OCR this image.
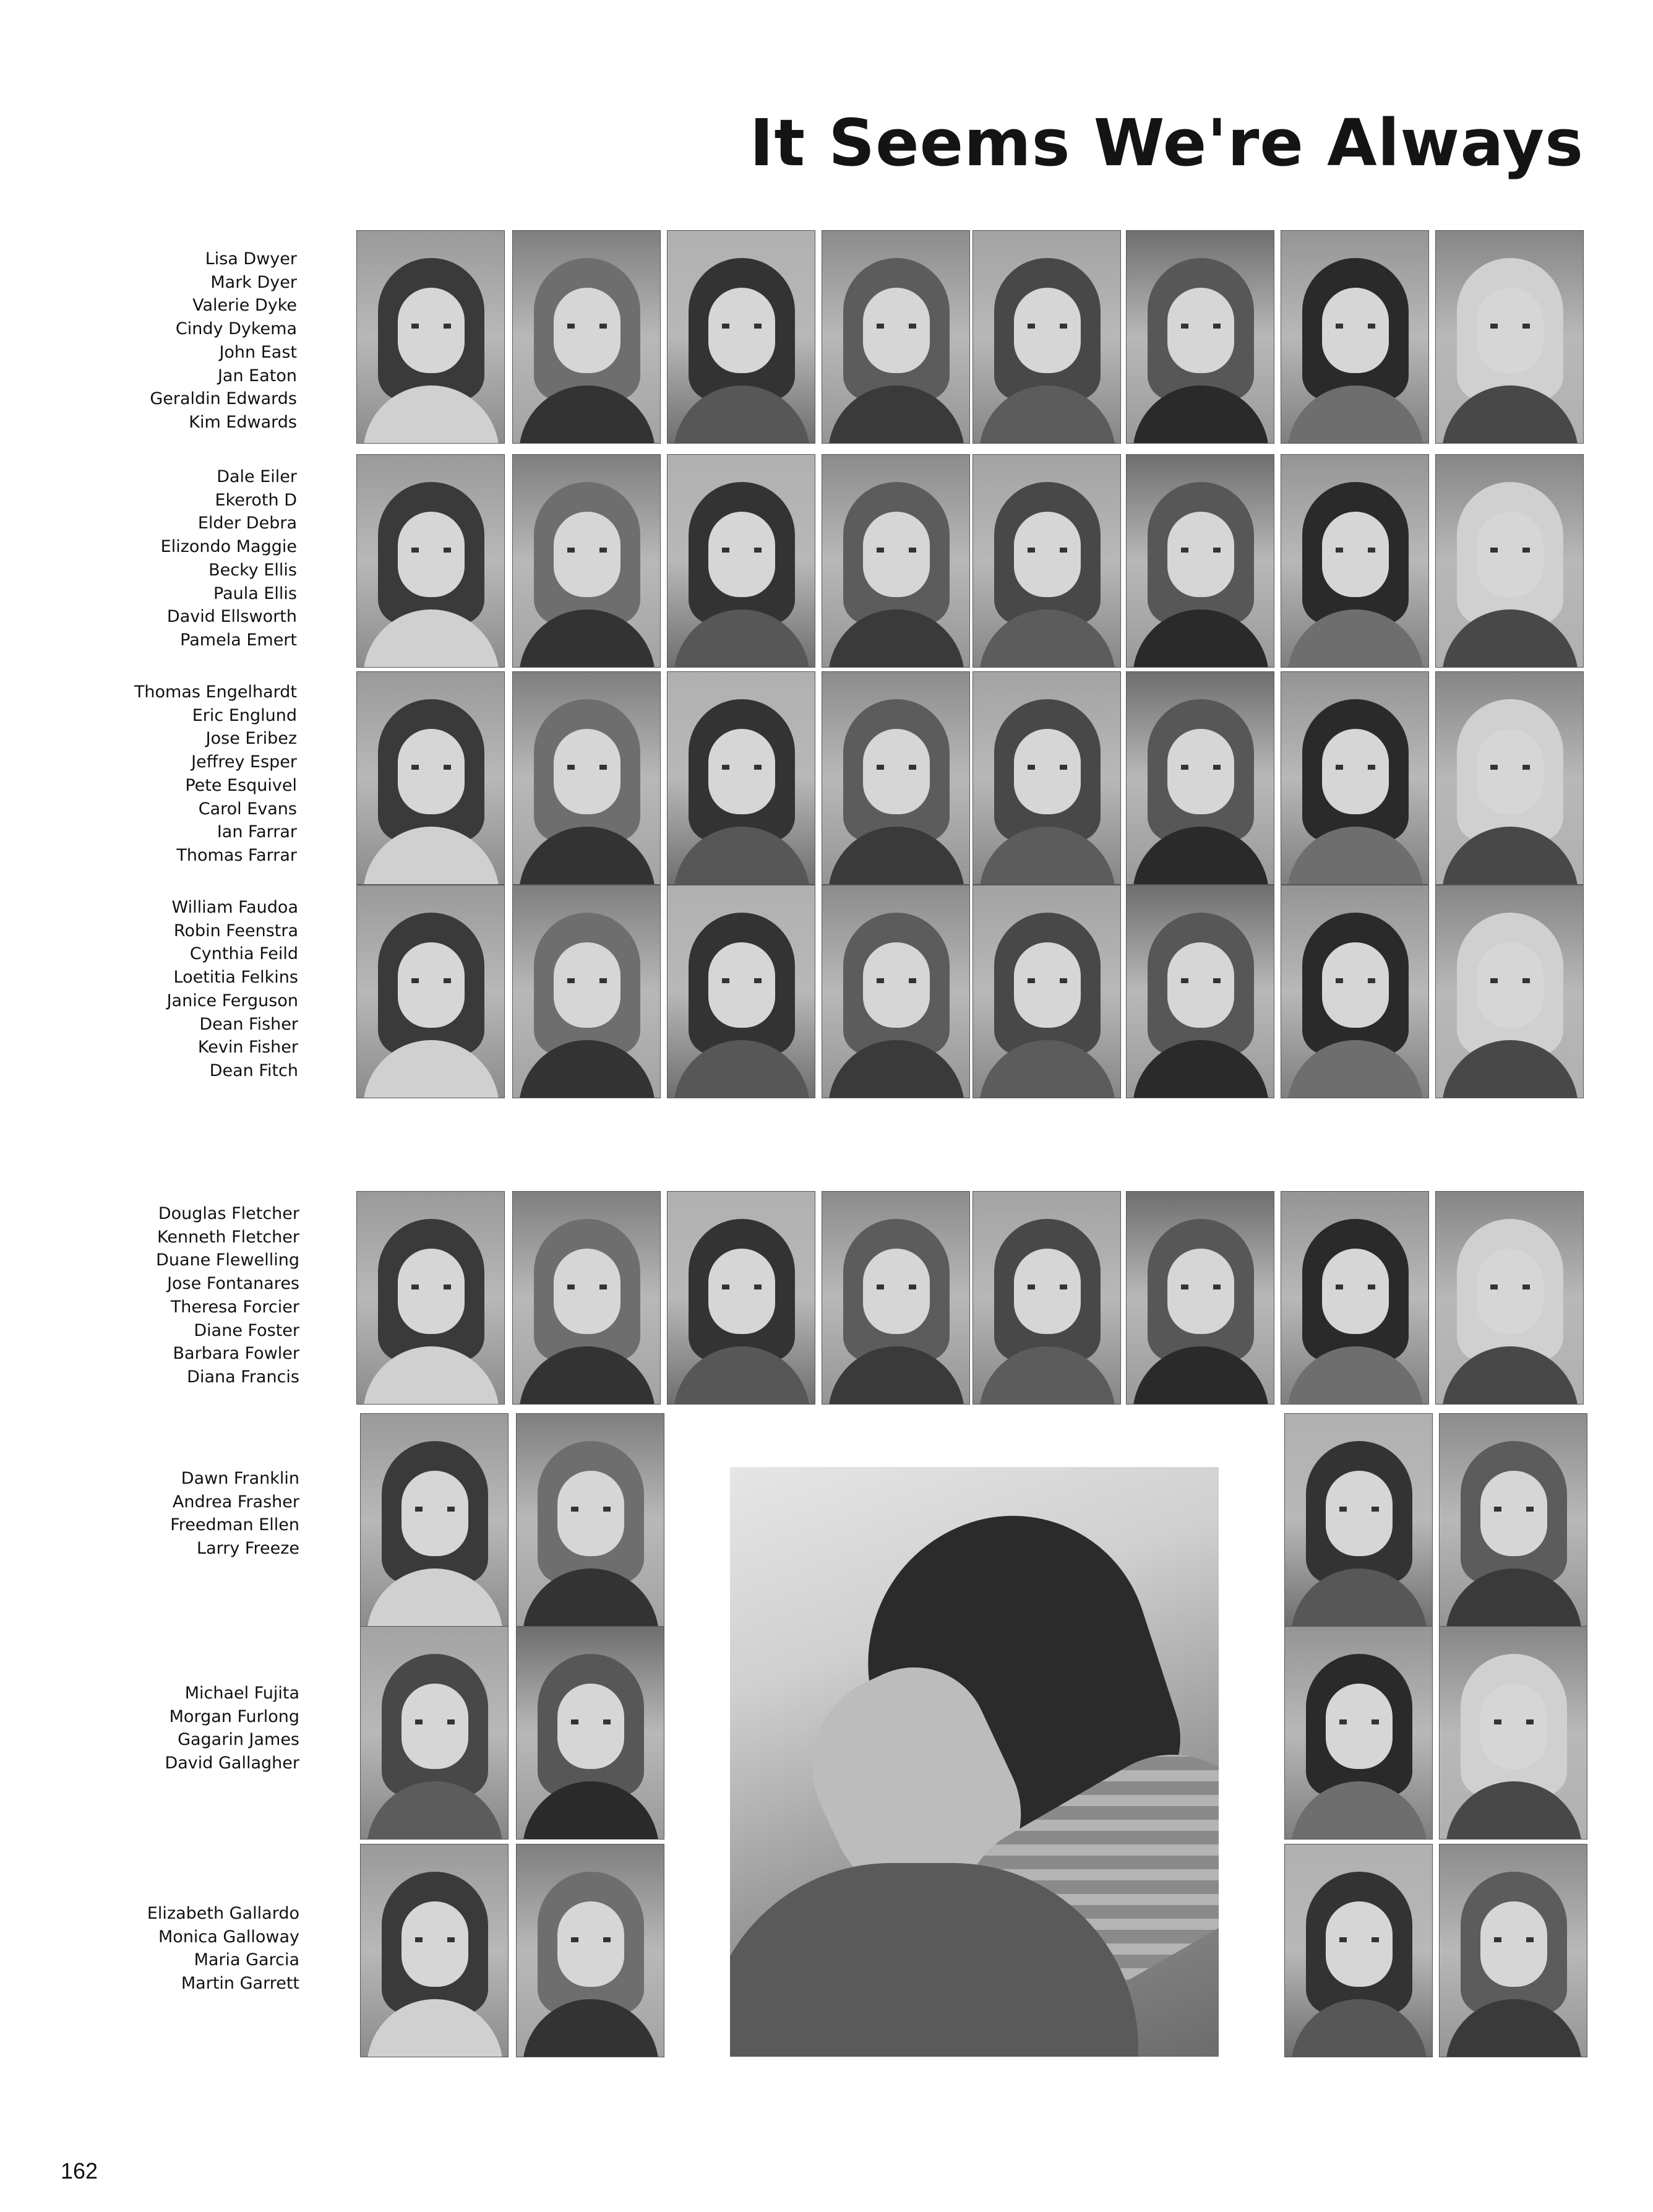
It Seems We're Always
Lisa Dwyer
Mark Dyer
Valerie Dyke
Cindy Dykema
John East
Jan Eaton
Geraldin Edwards
Kim Edwards
Dale Eiler
Ekeroth D
Elder Debra
Elizondo Maggie
Becky Ellis
Paula Ellis
David Ellsworth
Pamela Emert
Thomas Engelhardt
Eric Englund
Jose Eribez
Jeffrey Esper
Pete Esquivel
Carol Evans
Ian Farrar
Thomas Farrar
William Faudoa
Robin Feenstra
Cynthia Feild
Loetitia Felkins
Janice Ferguson
Dean Fisher
Kevin Fisher
Dean Fitch
Douglas Fletcher
Kenneth Fletcher
Duane Flewelling
Jose Fontanares
Theresa Forcier
Diane Foster
Barbara Fowler
Diana Francis
Dawn Franklin
Andrea Frasher
Freedman Ellen
Larry Freeze
Michael Fujita
Morgan Furlong
Gagarin James
David Gallagher
Elizabeth Gallardo
Monica Galloway
Maria Garcia
Martin Garrett
162
